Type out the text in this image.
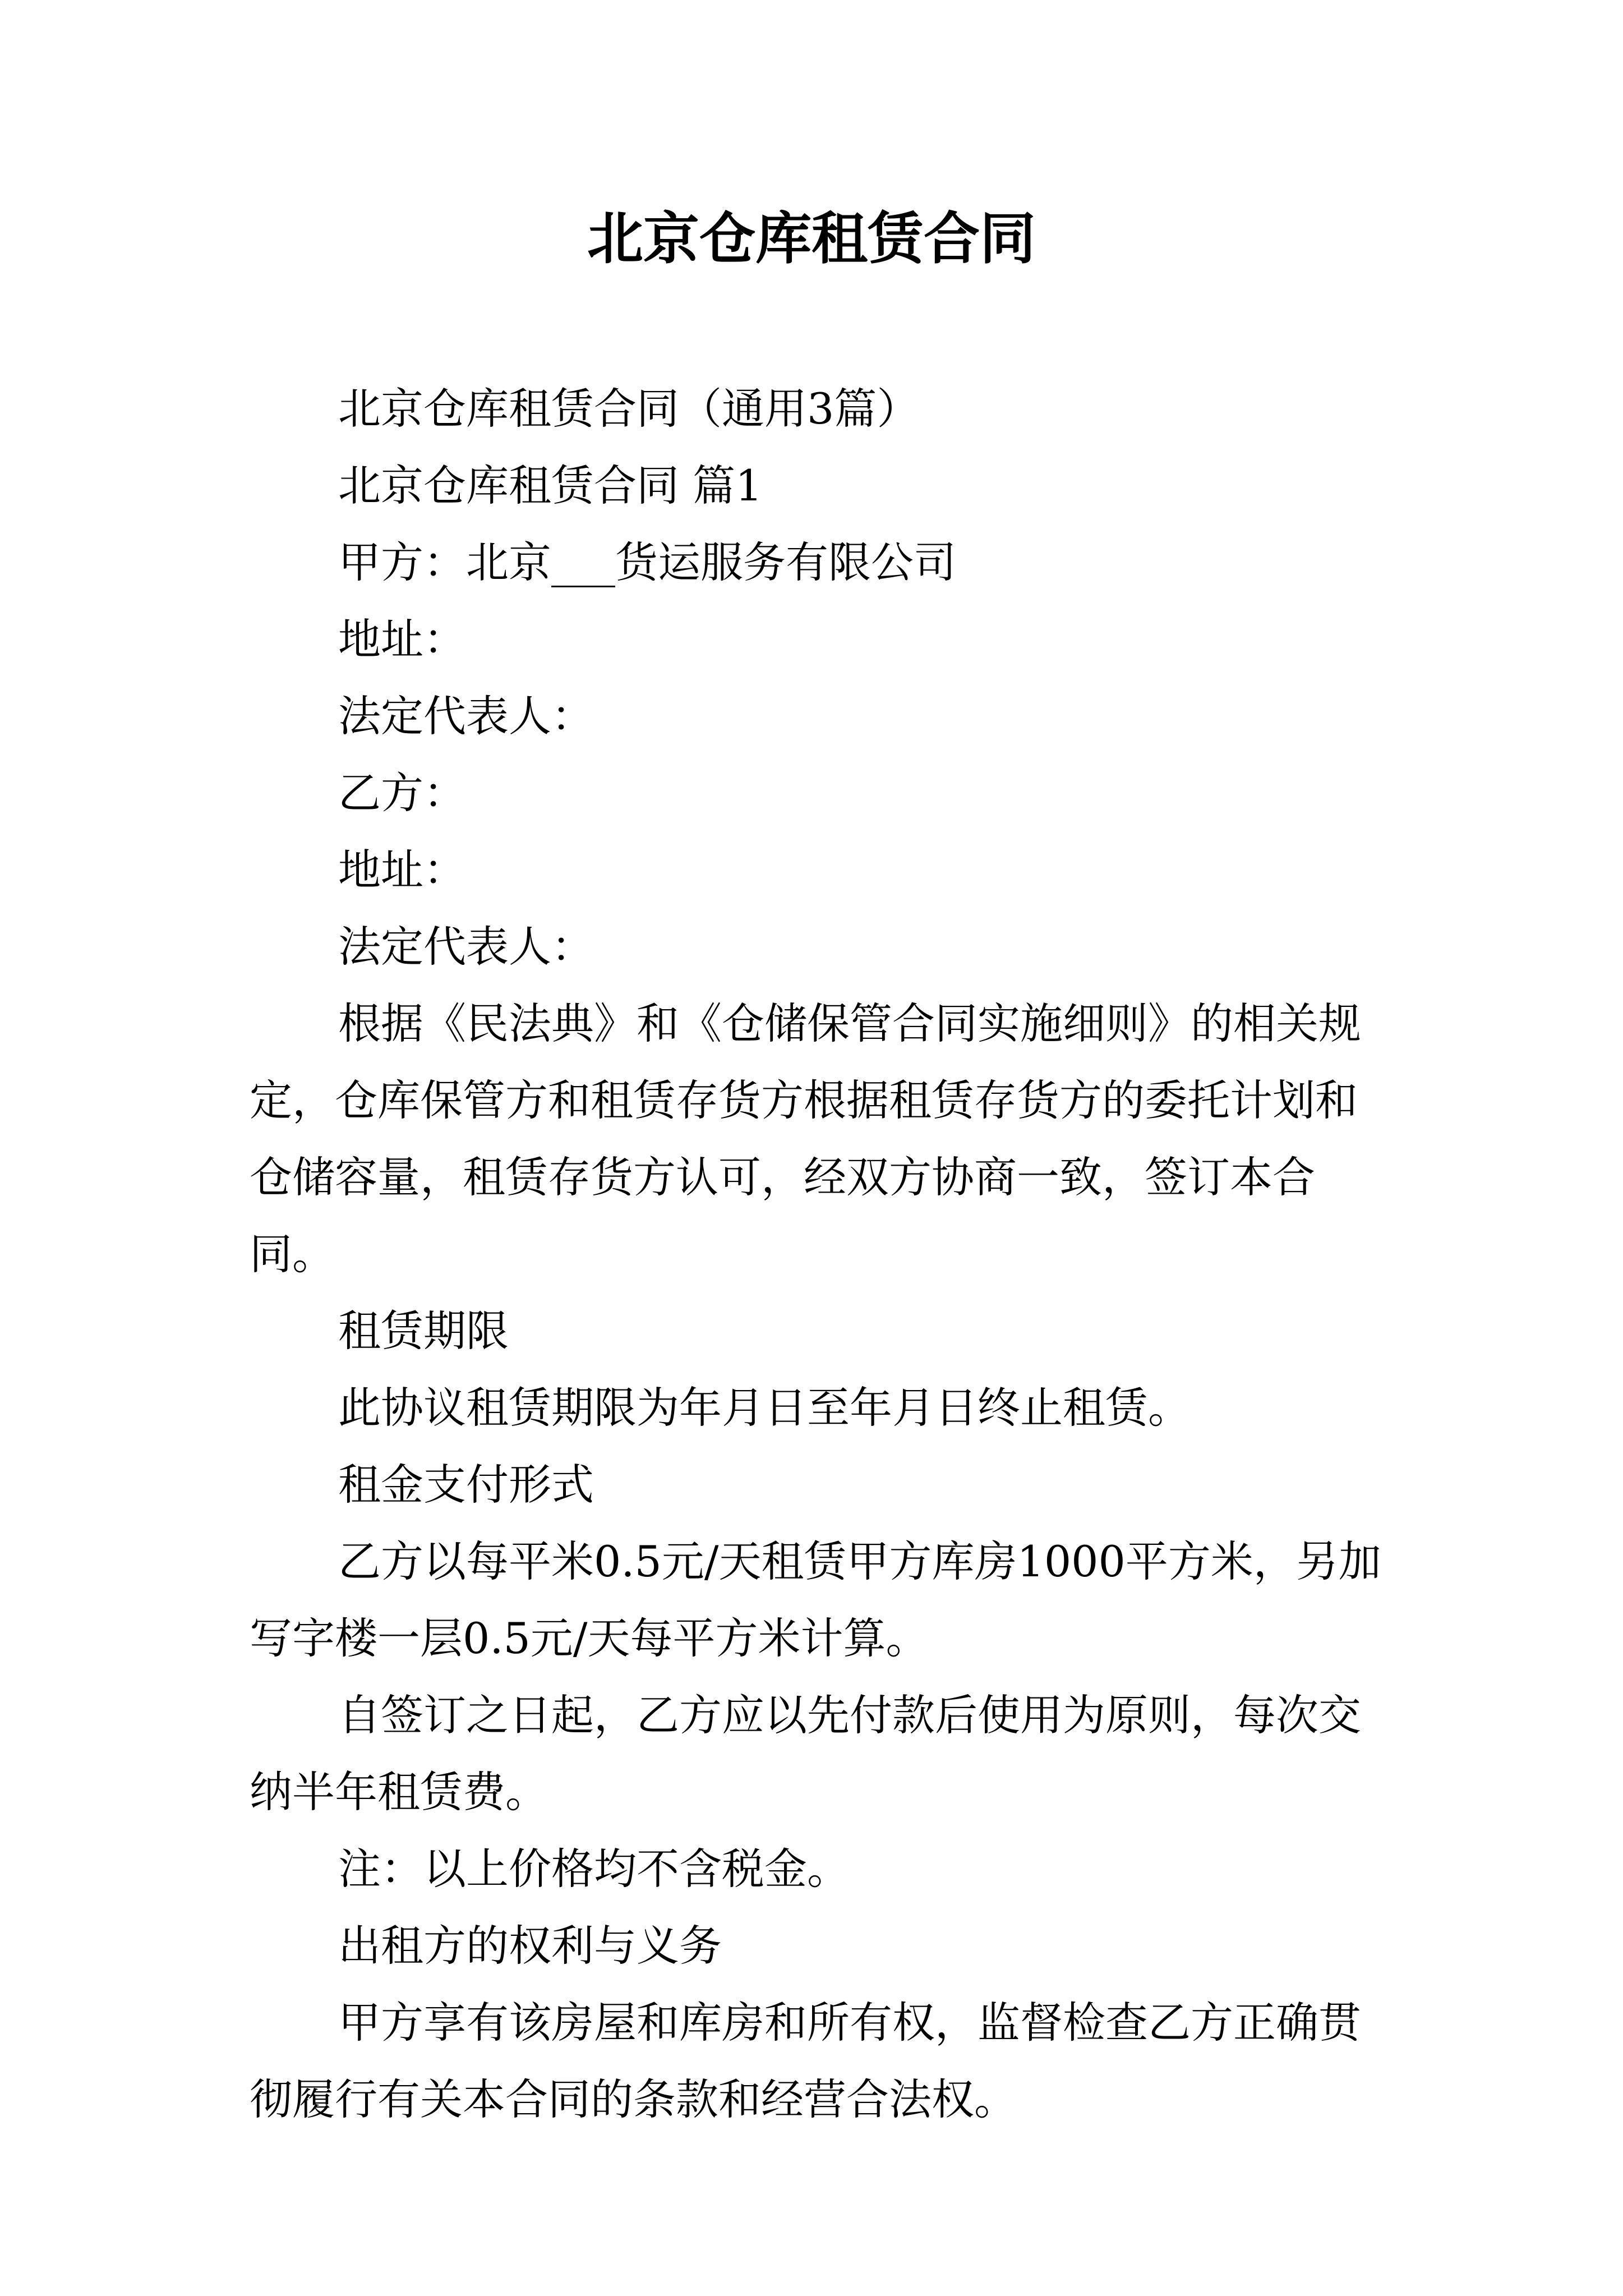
北京仓库租赁合同

北京仓库租赁合同（通用3篇）

北京仓库租赁合同 篇1

甲方：北京___货运服务有限公司

地址：

法定代表人：

乙方：

地址：

法定代表人：

根据《民法典》和《仓储保管合同实施细则》的相关规定，仓库保管方和租赁存货方根据租赁存货方的委托计划和仓储容量，租赁存货方认可，经双方协商一致，签订本合同。

租赁期限

此协议租赁期限为年月日至年月日终止租赁。

租金支付形式

乙方以每平米0.5元/天租赁甲方库房1000平方米，另加写字楼一层0.5元/天每平方米计算。

自签订之日起，乙方应以先付款后使用为原则，每次交纳半年租赁费。

注：以上价格均不含税金。

出租方的权利与义务

甲方享有该房屋和库房和所有权，监督检查乙方正确贯彻履行有关本合同的条款和经营合法权。
